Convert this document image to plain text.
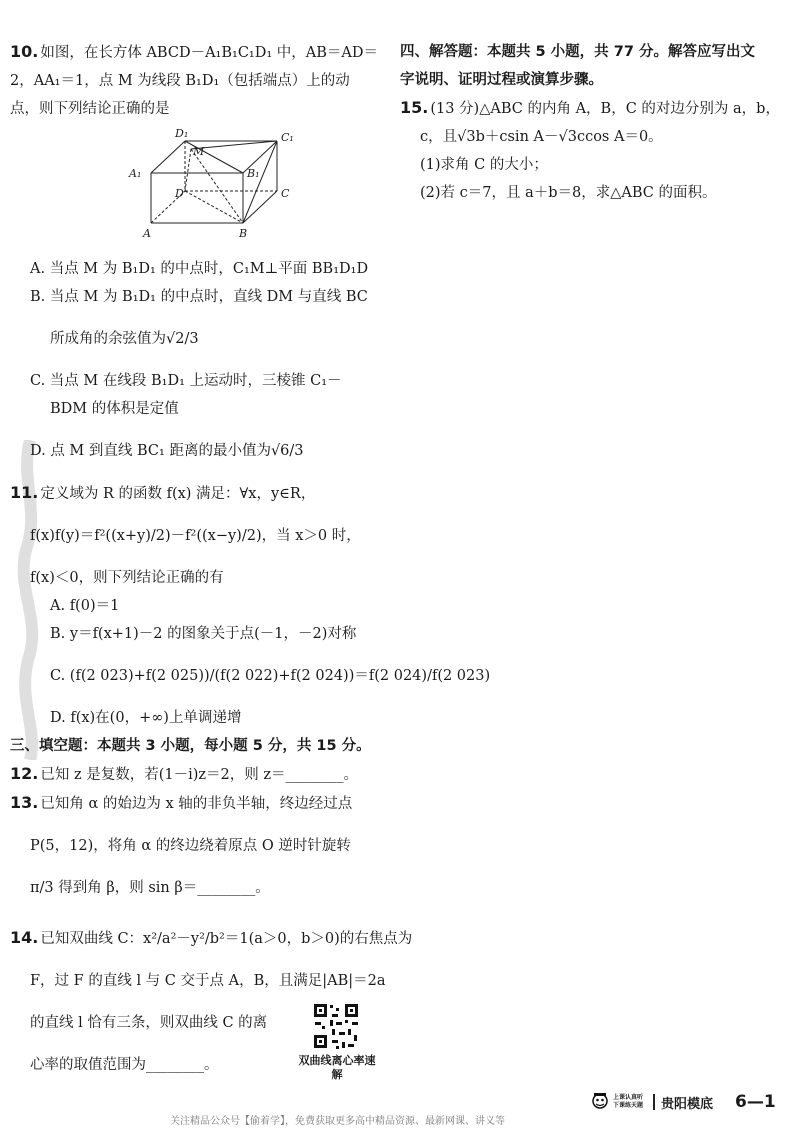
10. 如图，在长方体 ABCD－A₁B₁C₁D₁ 中，AB＝AD＝
2，AA₁＝1，点 M 为线段 B₁D₁（包括端点）上的动
点，则下列结论正确的是
D₁	C₁
A₁	B₁
M
D	C
A	B
A. 当点 M 为 B₁D₁ 的中点时，C₁M⊥平面 BB₁D₁D
B. 当点 M 为 B₁D₁ 的中点时，直线 DM 与直线 BC
所成角的余弦值为√2/3
C. 当点 M 在线段 B₁D₁ 上运动时，三棱锥 C₁－
BDM 的体积是定值
D. 点 M 到直线 BC₁ 距离的最小值为√6/3
11. 定义域为 R 的函数 f(x) 满足：∀x，y∈R，
f(x)f(y)＝f²((x+y)/2)－f²((x−y)/2)，当 x＞0 时，
f(x)＜0，则下列结论正确的有
A. f(0)＝1
B. y＝f(x+1)－2 的图象关于点(－1，－2)对称
C. (f(2 023)+f(2 025))/(f(2 022)+f(2 024))＝f(2 024)/f(2 023)
D. f(x)在(0，+∞)上单调递增
三、填空题：本题共 3 小题，每小题 5 分，共 15 分。
12. 已知 z 是复数，若(1－i)z＝2，则 z＝________。
13. 已知角 α 的始边为 x 轴的非负半轴，终边经过点
P(5，12)，将角 α 的终边绕着原点 O 逆时针旋转
π/3 得到角 β，则 sin β＝________。
14. 已知双曲线 C：x²/a²－y²/b²＝1(a＞0，b＞0)的右焦点为
F，过 F 的直线 l 与 C 交于点 A，B，且满足|AB|＝2a
的直线 l 恰有三条，则双曲线 C 的离
心率的取值范围为________。	双曲线离心率速解
四、解答题：本题共 5 小题，共 77 分。解答应写出文
字说明、证明过程或演算步骤。
15. (13 分)△ABC 的内角 A，B，C 的对边分别为 a，b，
c，且√3b＋csin A－√3ccos A＝0。
(1)求角 C 的大小；
(2)若 c＝7，且 a＋b＝8，求△ABC 的面积。
关注精品公众号【偷着学】，免费获取更多高中精品资源、最新网课、讲义等
上课认真听
下课练天题 贵阳模底 6—1
